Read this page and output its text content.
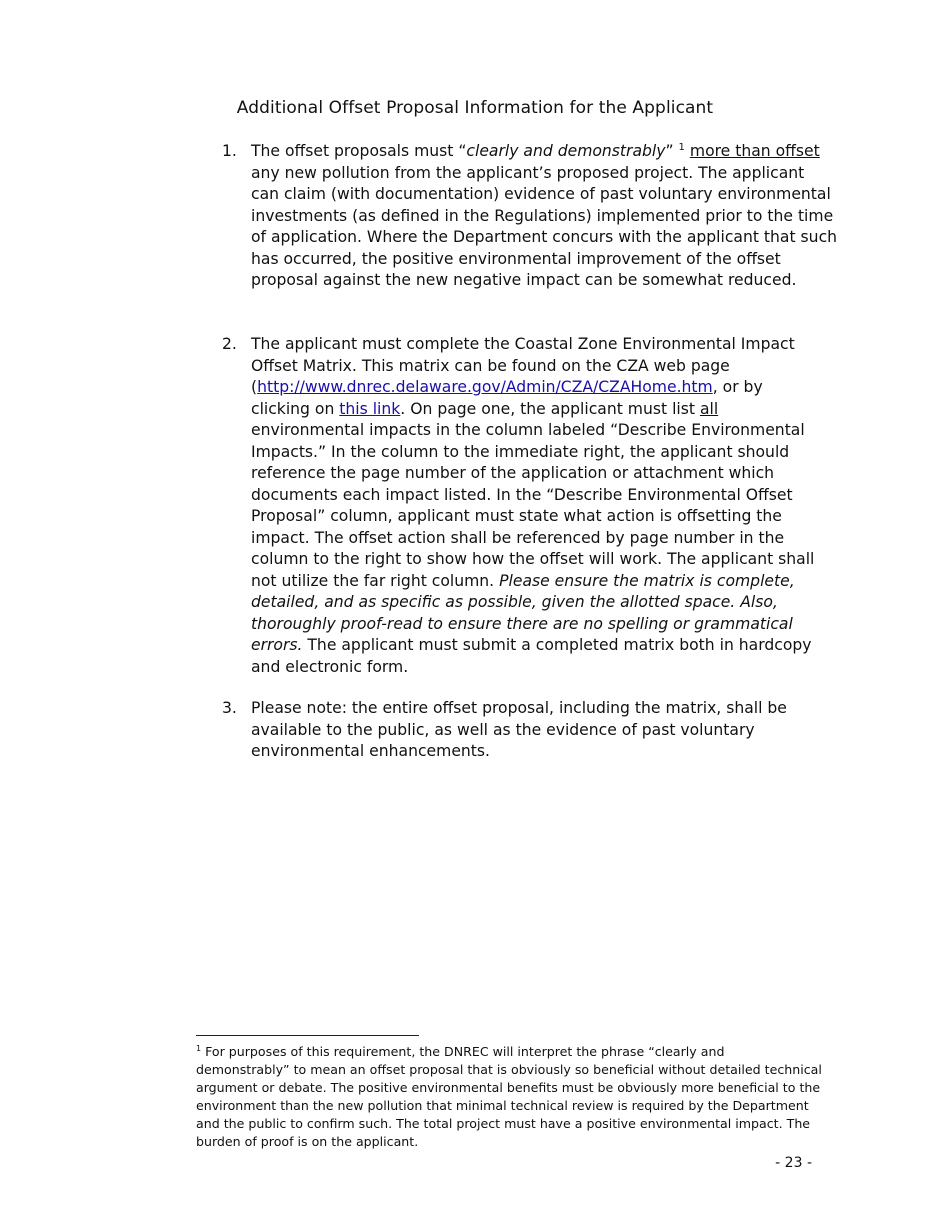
Additional Offset Proposal Information for the Applicant
1. The offset proposals must “clearly and demonstrably” $^1$ more than offset
any new pollution from the applicant’s proposed project. The applicant
can claim (with documentation) evidence of past voluntary environmental
investments (as defined in the Regulations) implemented prior to the time
of application. Where the Department concurs with the applicant that such
has occurred, the positive environmental improvement of the offset
proposal against the new negative impact can be somewhat reduced.
2. The applicant must complete the Coastal Zone Environmental Impact
Offset Matrix. This matrix can be found on the CZA web page
(http://www.dnrec.delaware.gov/Admin/CZA/CZAHome.htm, or by
clicking on this link. On page one, the applicant must list all
environmental impacts in the column labeled “Describe Environmental
Impacts.” In the column to the immediate right, the applicant should
reference the page number of the application or attachment which
documents each impact listed. In the “Describe Environmental Offset
Proposal” column, applicant must state what action is offsetting the
impact. The offset action shall be referenced by page number in the
column to the right to show how the offset will work. The applicant shall
not utilize the far right column. Please ensure the matrix is complete,
detailed, and as specific as possible, given the allotted space. Also,
thoroughly proof-read to ensure there are no spelling or grammatical
errors. The applicant must submit a completed matrix both in hardcopy
and electronic form.
3. Please note: the entire offset proposal, including the matrix, shall be
available to the public, as well as the evidence of past voluntary
environmental enhancements.
$^1$ For purposes of this requirement, the DNREC will interpret the phrase “clearly and
demonstrably” to mean an offset proposal that is obviously so beneficial without detailed technical
argument or debate. The positive environmental benefits must be obviously more beneficial to the
environment than the new pollution that minimal technical review is required by the Department
and the public to confirm such. The total project must have a positive environmental impact. The
burden of proof is on the applicant.
- 23 -
